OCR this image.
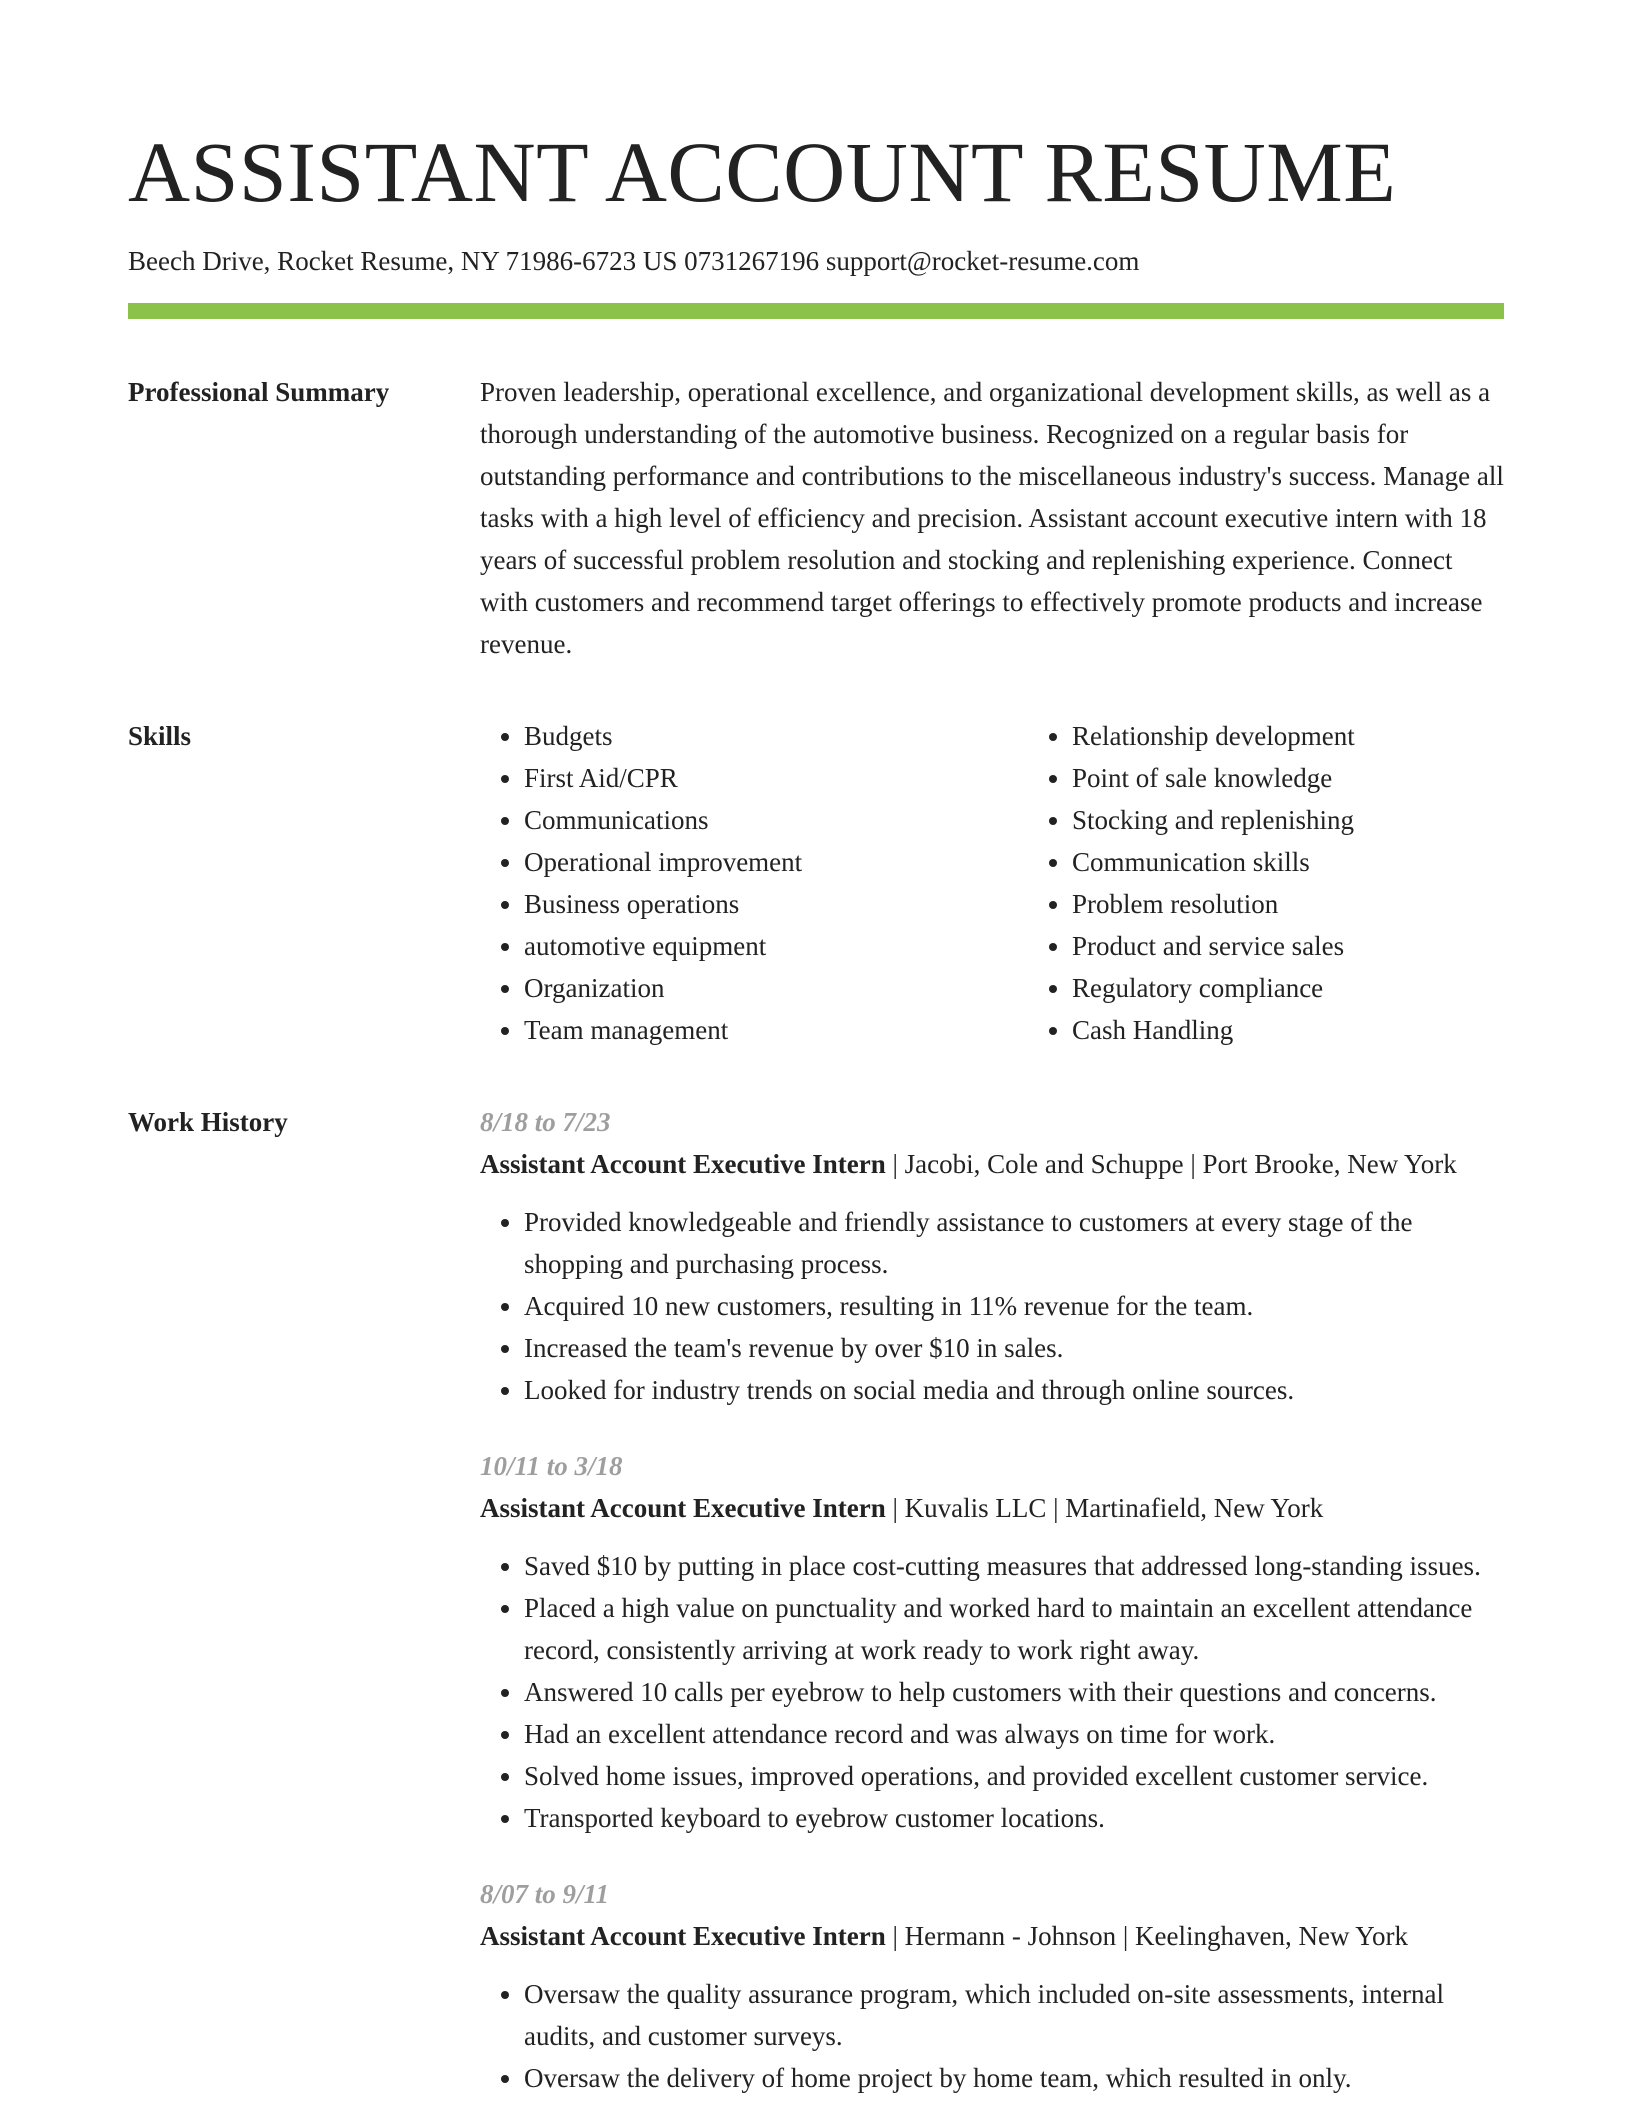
ASSISTANT ACCOUNT RESUME
Beech Drive, Rocket Resume, NY 71986-6723 US 0731267196 support@rocket-resume.com
Professional Summary	Proven leadership, operational excellence, and organizational development skills, as well as a thorough understanding of the automotive business. Recognized on a regular basis for outstanding performance and contributions to the miscellaneous industry's success. Manage all tasks with a high level of efficiency and precision. Assistant account executive intern with 18 years of successful problem resolution and stocking and replenishing experience. Connect with customers and recommend target offerings to effectively promote products and increase revenue.

Skills
•	Budgets
• First Aid/CPR
• Communications
• Operational improvement
• Business operations
• automotive equipment
• Organization
• Team management
• Relationship development
• Point of sale knowledge
• Stocking and replenishing
• Communication skills
• Problem resolution
• Product and service sales
• Regulatory compliance
• Cash Handling
Work History	8/18 to 7/23
Assistant Account Executive Intern | Jacobi, Cole and Schuppe | Port Brooke, New York
• Provided knowledgeable and friendly assistance to customers at every stage of the shopping and purchasing process.
• Acquired 10 new customers, resulting in 11% revenue for the team.
• Increased the team's revenue by over $10 in sales.
• Looked for industry trends on social media and through online sources.
10/11 to 3/18
Assistant Account Executive Intern | Kuvalis LLC | Martinafield, New York
• Saved $10 by putting in place cost-cutting measures that addressed long-standing issues.
• Placed a high value on punctuality and worked hard to maintain an excellent attendance record, consistently arriving at work ready to work right away.
• Answered 10 calls per eyebrow to help customers with their questions and concerns.
• Had an excellent attendance record and was always on time for work.
• Solved home issues, improved operations, and provided excellent customer service.
• Transported keyboard to eyebrow customer locations.
8/07 to 9/11
Assistant Account Executive Intern | Hermann - Johnson | Keelinghaven, New York
• Oversaw the quality assurance program, which included on-site assessments, internal audits, and customer surveys.
• Oversaw the delivery of home project by home team, which resulted in only.
